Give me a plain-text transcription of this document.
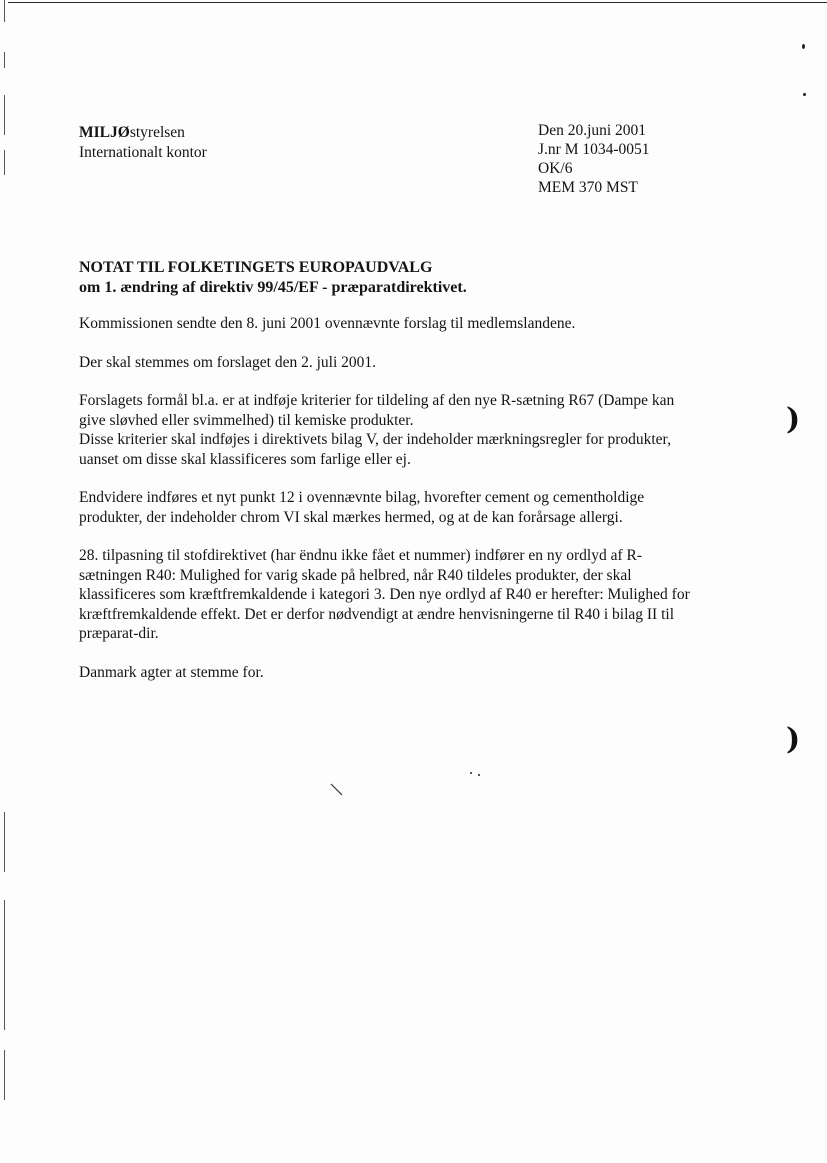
)
)
MILJØstyrelsen
Internationalt kontor
Den 20.juni 2001
J.nr M 1034-0051
OK/6
MEM 370 MST
NOTAT TIL FOLKETINGETS EUROPAUDVALG
om 1. ændring af direktiv 99/45/EF - præparatdirektivet.
Kommissionen sendte den 8. juni 2001 ovennævnte forslag til medlemslandene.
Der skal stemmes om forslaget den 2. juli 2001.
Forslagets formål bl.a. er at indføje kriterier for tildeling af den nye R-sætning R67 (Dampe kan
give sløvhed eller svimmelhed) til kemiske produkter.
Disse kriterier skal indføjes i direktivets bilag V, der indeholder mærkningsregler for produkter,
uanset om disse skal klassificeres som farlige eller ej.
Endvidere indføres et nyt punkt 12 i ovennævnte bilag, hvorefter cement og cementholdige
produkter, der indeholder chrom VI skal mærkes hermed, og at de kan forårsage allergi.
28. tilpasning til stofdirektivet (har ëndnu ikke fået et nummer) indfører en ny ordlyd af R-
sætningen R40: Mulighed for varig skade på helbred, når R40 tildeles produkter, der skal
klassificeres som kræftfremkaldende i kategori 3. Den nye ordlyd af R40 er herefter: Mulighed for
kræftfremkaldende effekt. Det er derfor nødvendigt at ændre henvisningerne til R40 i bilag II til
præparat-dir.
Danmark agter at stemme for.
